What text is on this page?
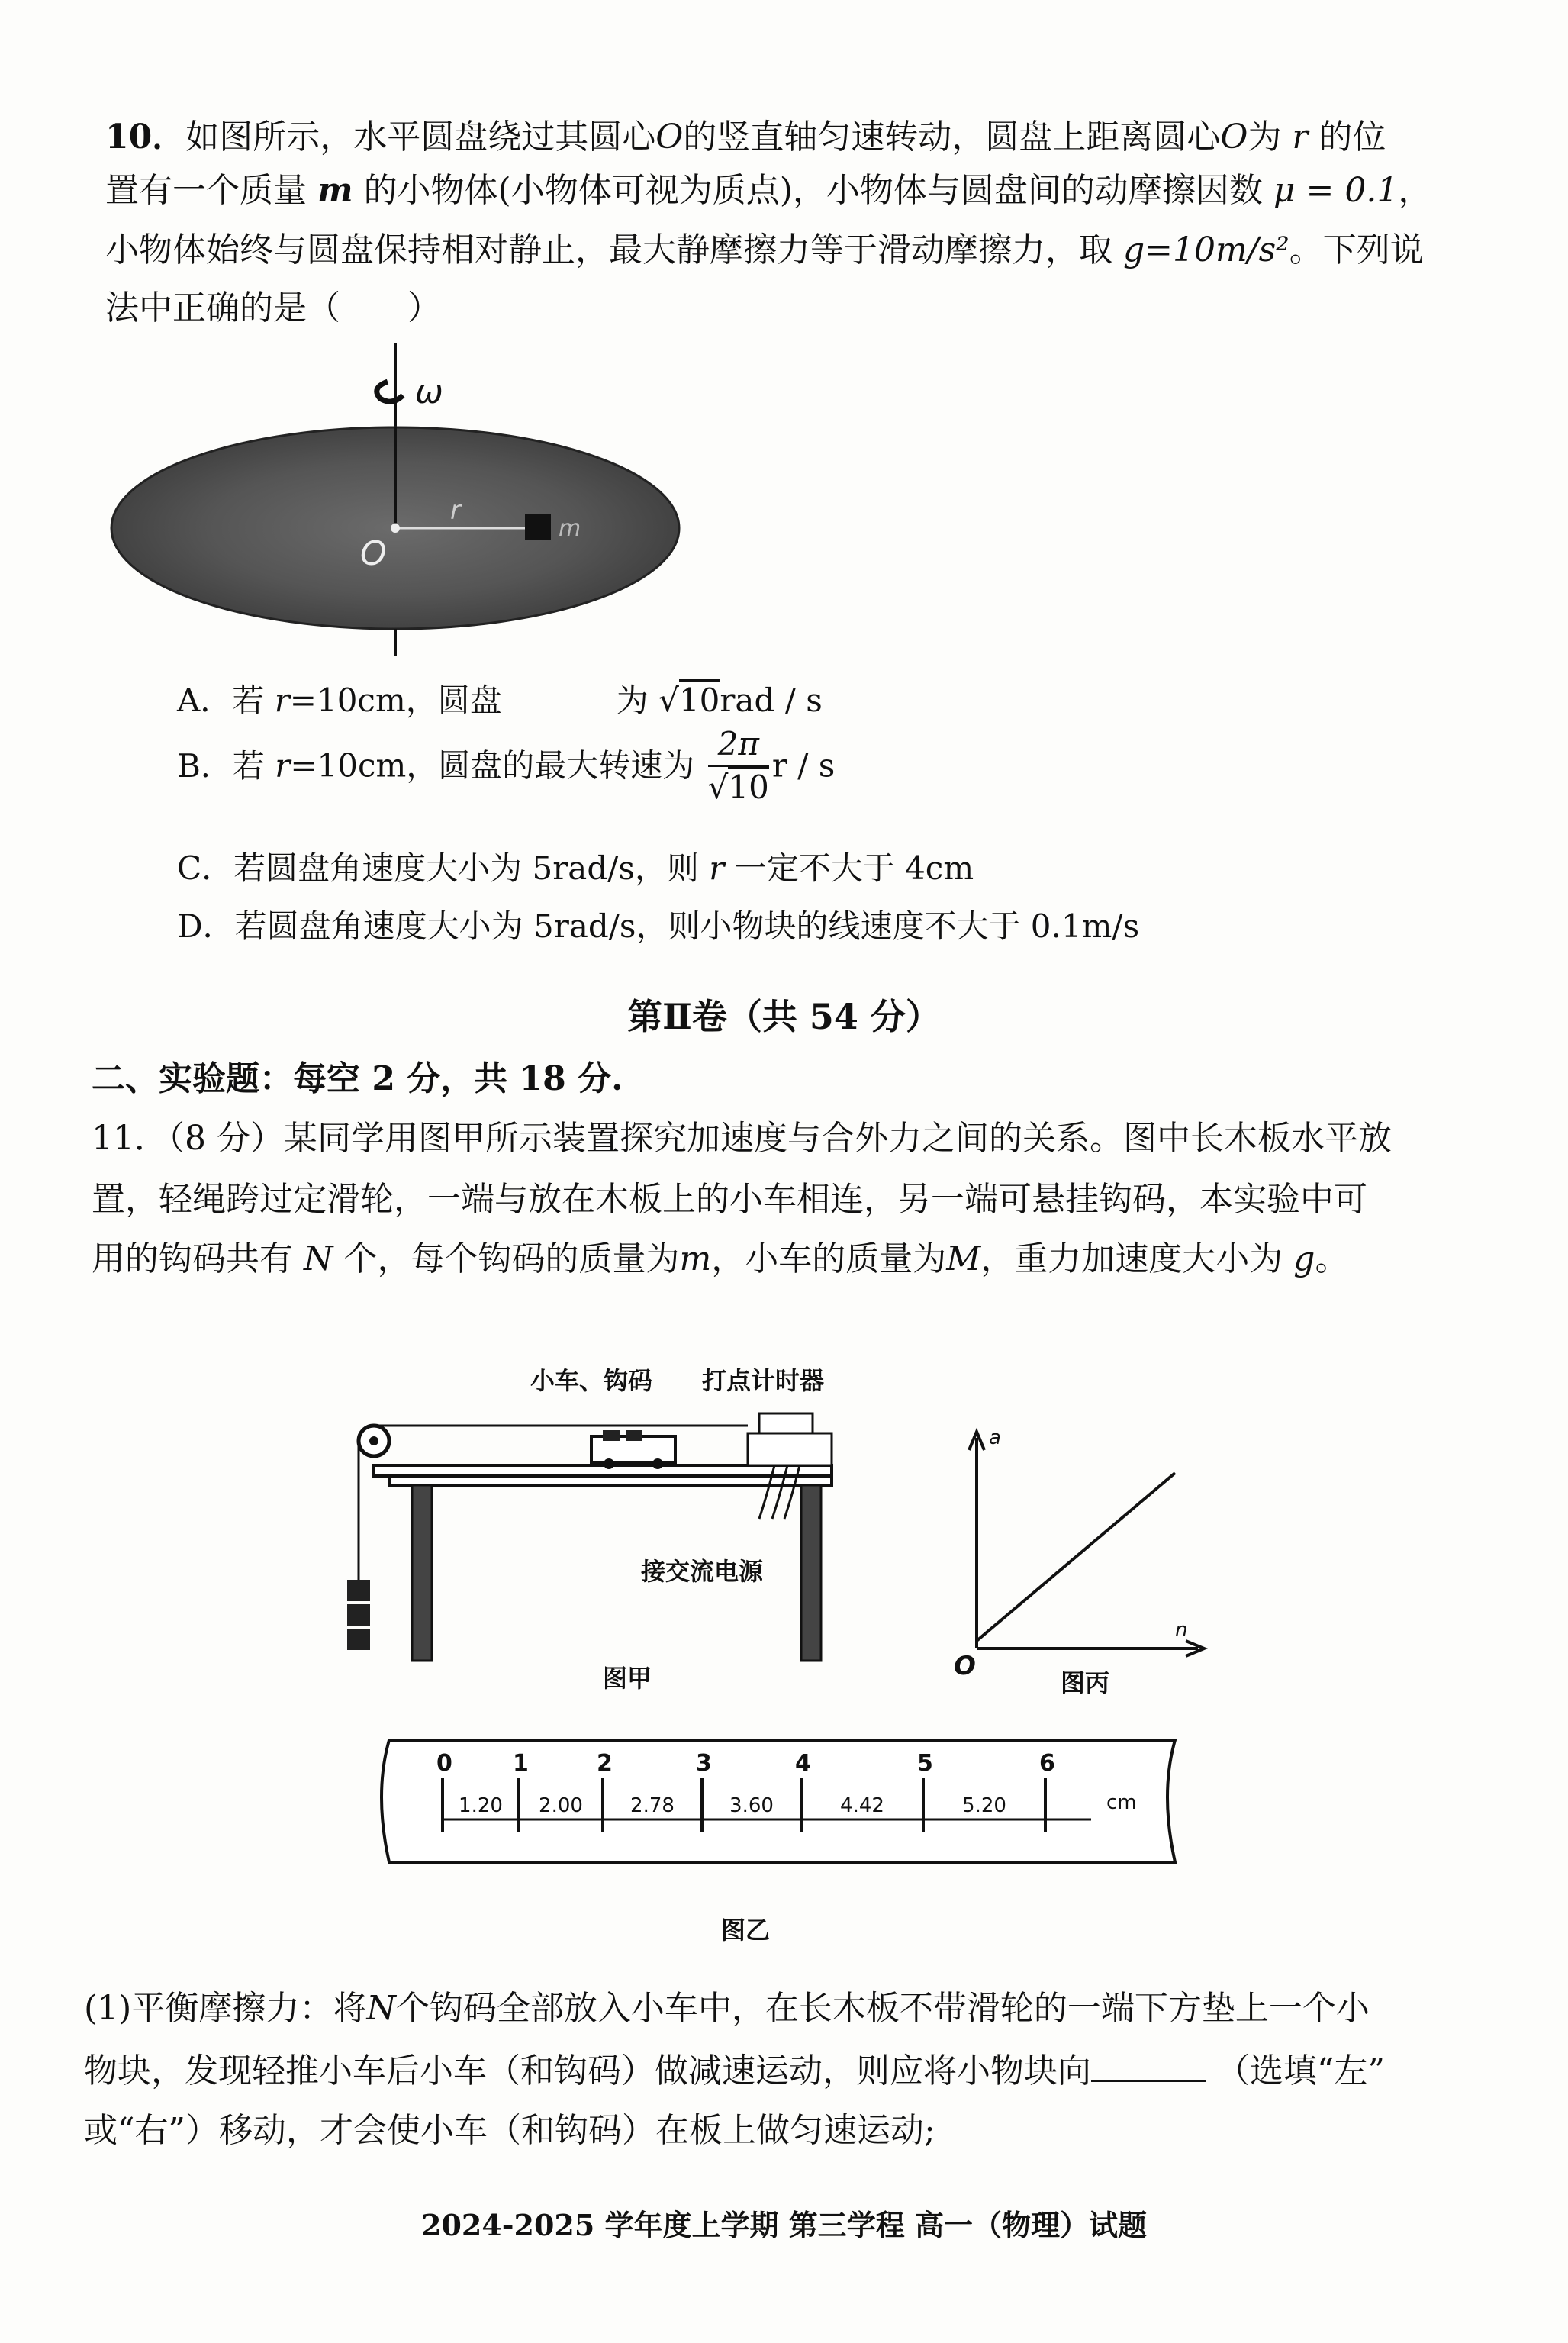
10．如图所示，水平圆盘绕过其圆心O的竖直轴匀速转动，圆盘上距离圆心O为 r 的位
置有一个质量 m 的小物体(小物体可视为质点)，小物体与圆盘间的动摩擦因数 μ = 0.1，
小物体始终与圆盘保持相对静止，最大静摩擦力等于滑动摩擦力，取 g=10m/s²。下列说
法中正确的是（　　）
ω
O
r
m
A．若 r=10cm，圆盘	为 √10rad / s
B．若 r=10cm，圆盘的最大转速为 $\frac{2\pi}{√10}$ r / s
C．若圆盘角速度大小为 5rad/s，则 r 一定不大于 4cm
D．若圆盘角速度大小为 5rad/s，则小物块的线速度不大于 0.1m/s
第Ⅱ卷（共 54 分）
二、实验题：每空 2 分，共 18 分.
11．（8 分）某同学用图甲所示装置探究加速度与合外力之间的关系。图中长木板水平放
置，轻绳跨过定滑轮，一端与放在木板上的小车相连，另一端可悬挂钩码，本实验中可
用的钩码共有 N 个，每个钩码的质量为m，小车的质量为M，重力加速度大小为 g。
小车、钩码 打点计时器
接交流电源
图甲
a
n
O
图丙
0	1	2	3	4	5	6
1.20 2.00 2.78	3.60	4.42	5.20	cm
图乙
(1)平衡摩擦力：将N个钩码全部放入小车中，在长木板不带滑轮的一端下方垫上一个小
物块，发现轻推小车后小车（和钩码）做减速运动，则应将小物块向	（选填“左”
或“右”）移动，才会使小车（和钩码）在板上做匀速运动;
2024-2025 学年度上学期 第三学程 高一（物理）试题
